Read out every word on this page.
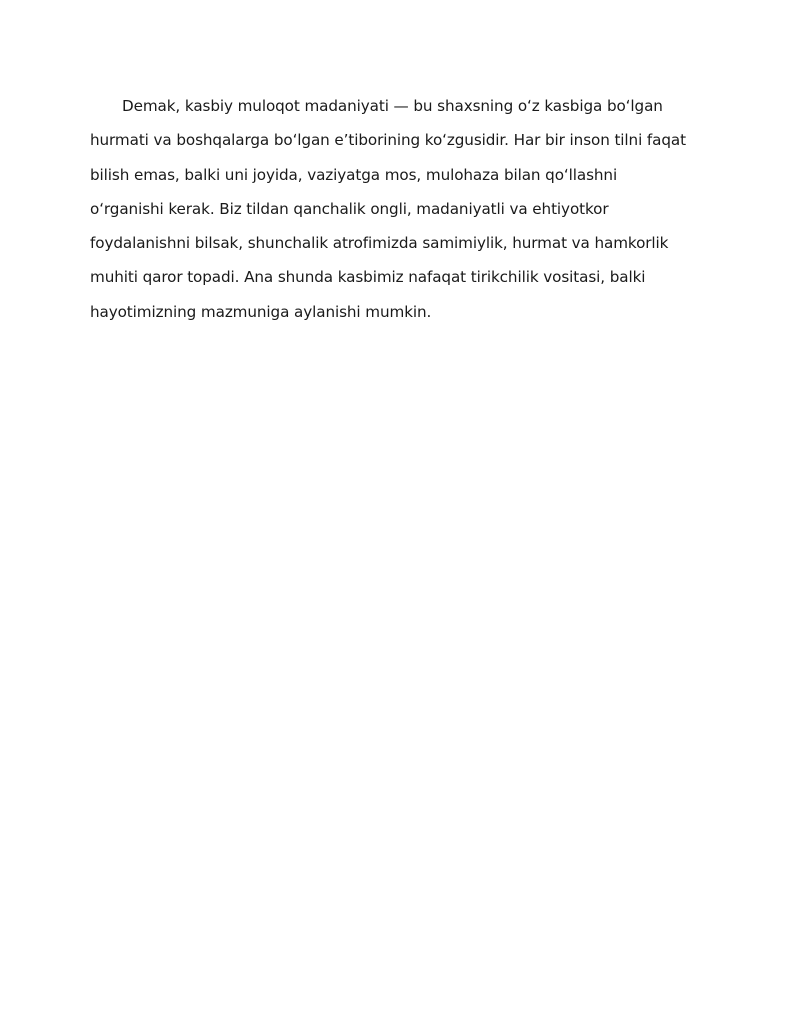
Demak, kasbiy muloqot madaniyati — bu shaxsning oʻz kasbiga boʻlgan hurmati va boshqalarga boʻlgan eʼtiborining koʻzgusidir. Har bir inson tilni faqat bilish emas, balki uni joyida, vaziyatga mos, mulohaza bilan qoʻllashni oʻrganishi kerak. Biz tildan qanchalik ongli, madaniyatli va ehtiyotkor foydalanishni bilsak, shunchalik atrofimizda samimiylik, hurmat va hamkorlik muhiti qaror topadi. Ana shunda kasbimiz nafaqat tirikchilik vositasi, balki hayotimizning mazmuniga aylanishi mumkin.
